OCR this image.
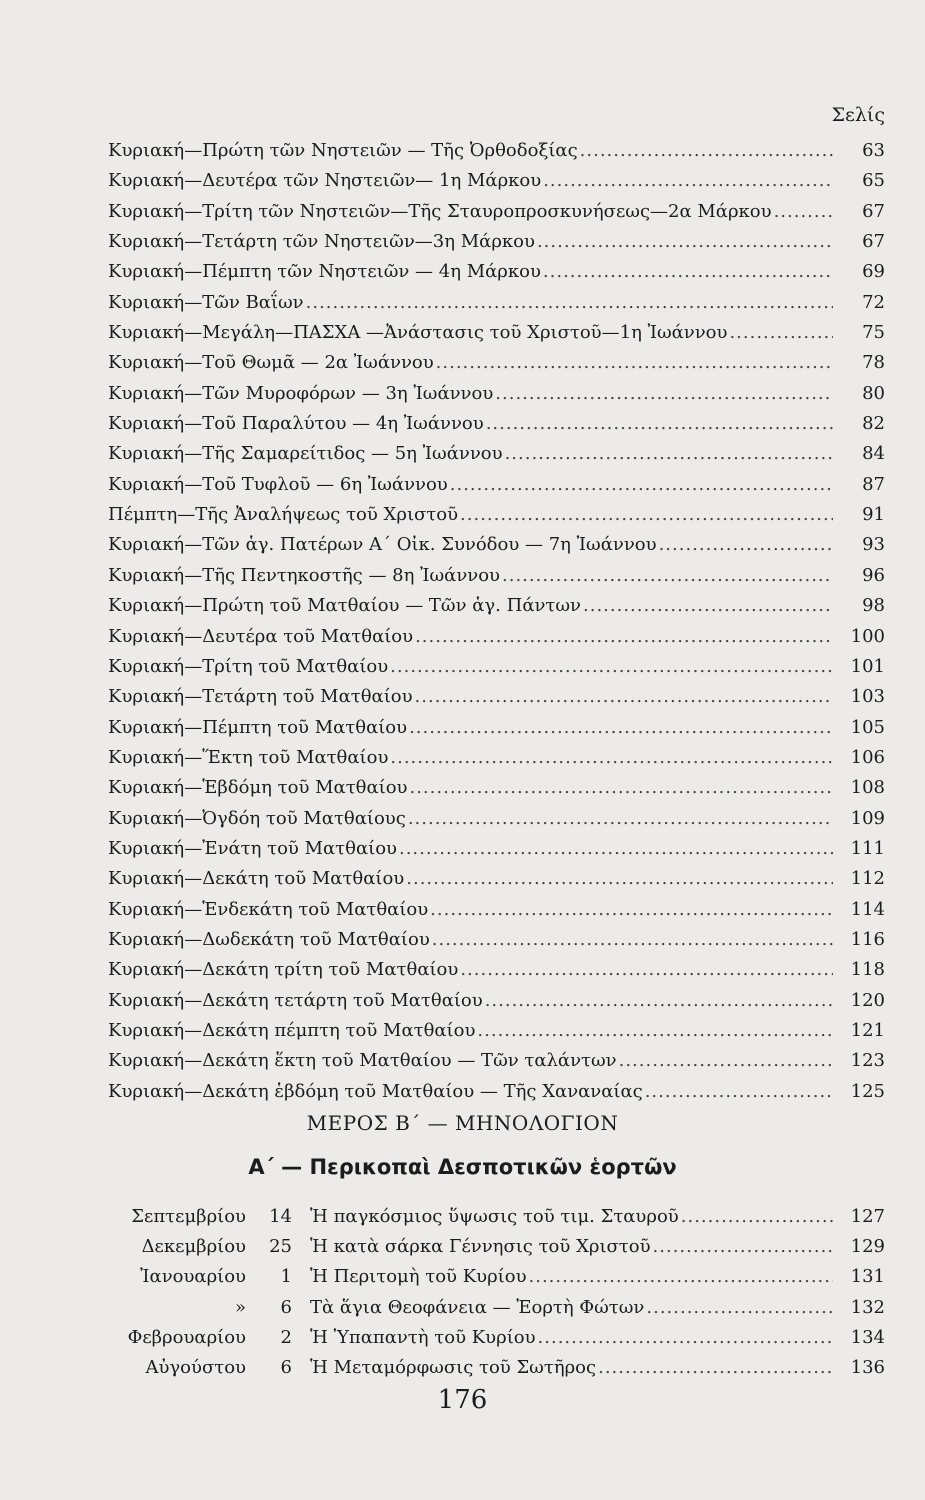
Σελίς
Κυριακή—Πρώτη τῶν Νηστειῶν — Τῆς Ὀρθοδοξίας .....	63
Κυριακή—Δευτέρα τῶν Νηστειῶν— 1η Μάρκου .....	65
Κυριακή—Τρίτη τῶν Νηστειῶν—Τῆς Σταυροπροσκυνήσεως—2α Μάρκου .....	67
Κυριακή—Τετάρτη τῶν Νηστειῶν—3η Μάρκου .....	67
Κυριακή—Πέμπτη τῶν Νηστειῶν — 4η Μάρκου .....	69
Κυριακή—Τῶν Βαΐων .....	72
Κυριακή—Μεγάλη—ΠΑΣΧΑ —Ἀνάστασις τοῦ Χριστοῦ—1η Ἰωάννου .....	75
Κυριακή—Τοῦ Θωμᾶ — 2α Ἰωάννου .....	78
Κυριακή—Τῶν Μυροφόρων — 3η Ἰωάννου .....	80
Κυριακή—Τοῦ Παραλύτου — 4η Ἰωάννου .....	82
Κυριακή—Τῆς Σαμαρείτιδος — 5η Ἰωάννου .....	84
Κυριακή—Τοῦ Τυφλοῦ — 6η Ἰωάννου .....	87
Πέμπτη—Τῆς Ἀναλήψεως τοῦ Χριστοῦ .....	91
Κυριακή—Τῶν ἁγ. Πατέρων Α΄ Οἰκ. Συνόδου — 7η Ἰωάννου .....	93
Κυριακή—Τῆς Πεντηκοστῆς — 8η Ἰωάννου .....	96
Κυριακή—Πρώτη τοῦ Ματθαίου — Τῶν ἁγ. Πάντων .....	98
Κυριακή—Δευτέρα τοῦ Ματθαίου .....	100
Κυριακή—Τρίτη τοῦ Ματθαίου .....	101
Κυριακή—Τετάρτη τοῦ Ματθαίου .....	103
Κυριακή—Πέμπτη τοῦ Ματθαίου .....	105
Κυριακή—Ἕκτη τοῦ Ματθαίου .....	106
Κυριακή—Ἑβδόμη τοῦ Ματθαίου .....	108
Κυριακή—Ὀγδόη τοῦ Ματθαίους .....	109
Κυριακή—Ἐνάτη τοῦ Ματθαίου .....	111
Κυριακή—Δεκάτη τοῦ Ματθαίου .....	112
Κυριακή—Ἑνδεκάτη τοῦ Ματθαίου .....	114
Κυριακή—Δωδεκάτη τοῦ Ματθαίου .....	116
Κυριακή—Δεκάτη τρίτη τοῦ Ματθαίου .....	118
Κυριακή—Δεκάτη τετάρτη τοῦ Ματθαίου .....	120
Κυριακή—Δεκάτη πέμπτη τοῦ Ματθαίου .....	121
Κυριακή—Δεκάτη ἕκτη τοῦ Ματθαίου — Τῶν ταλάντων .....	123
Κυριακή—Δεκάτη ἑβδόμη τοῦ Ματθαίου — Τῆς Χαναναίας .....	125
ΜΕΡΟΣ Β΄ — ΜΗΝΟΛΟΓΙΟΝ
Α΄ — Περικοπαὶ Δεσποτικῶν ἑορτῶν
Σεπτεμβρίου	14 Ἡ παγκόσμιος ὕψωσις τοῦ τιμ. Σταυροῦ .....	127
Δεκεμβρίου	25 Ἡ κατὰ σάρκα Γέννησις τοῦ Χριστοῦ .....	129
Ἰανουαρίου	1 Ἡ Περιτομὴ τοῦ Κυρίου .....	131
»	6 Τὰ ἅγια Θεοφάνεια — Ἑορτὴ Φώτων .....	132
Φεβρουαρίου	2 Ἡ Ὑπαπαντὴ τοῦ Κυρίου .....	134
Αὐγούστου	6 Ἡ Μεταμόρφωσις τοῦ Σωτῆρος .....	136
176
